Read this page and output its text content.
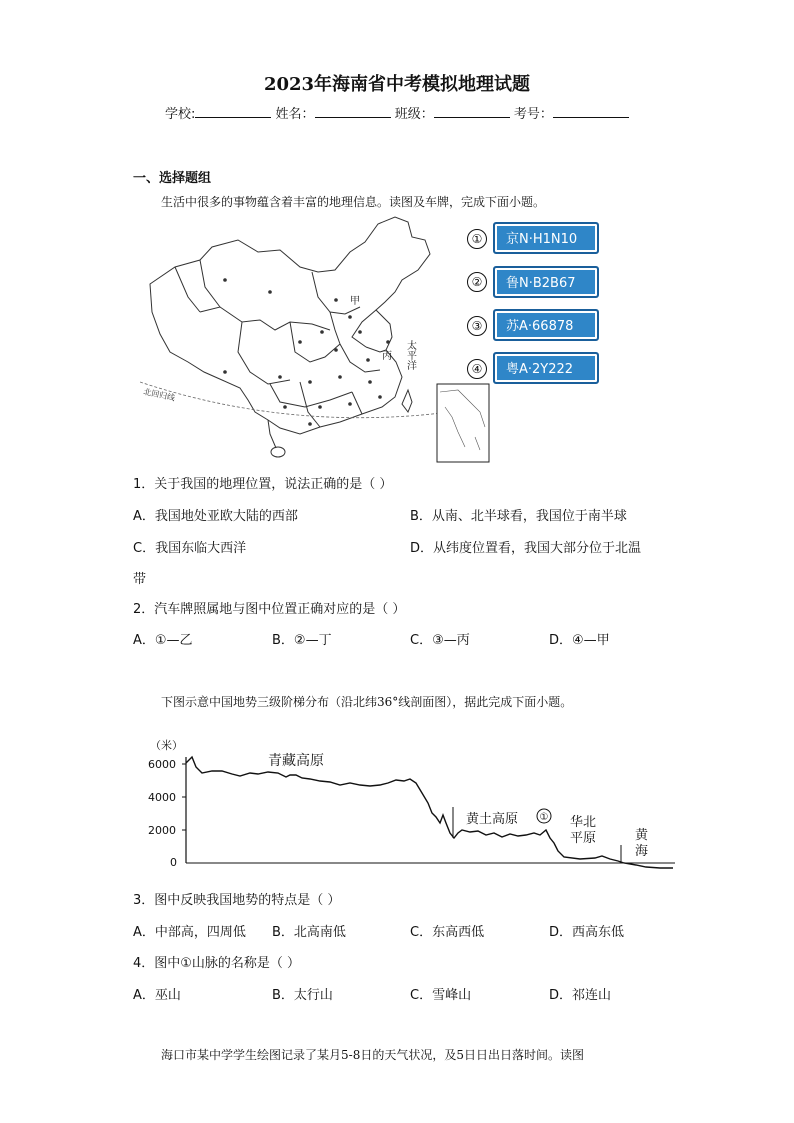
2023年海南省中考模拟地理试题
学校:	姓名：	班级：	考号：
一、选择题组
生活中很多的事物蕴含着丰富的地理信息。读图及车牌，完成下面小题。
北回归线
甲
丙 太平洋
①	京N·H1N10
②	鲁N·B2B67
③	苏A·66878
④	粤A·2Y222
1．关于我国的地理位置，说法正确的是（ ）
A．我国地处亚欧大陆的西部	B．从南、北半球看，我国位于南半球
C．我国东临大西洋	D．从纬度位置看，我国大部分位于北温
带
2．汽车牌照属地与图中位置正确对应的是（ ）
A．①—乙	B．②—丁	C．③—丙	D．④—甲
下图示意中国地势三级阶梯分布（沿北纬36°线剖面图），据此完成下面小题。
（米）
6000
4000
2000
0
青藏高原
黄土高原 ① 华北
平原	黄
海
3．图中反映我国地势的特点是（ ）
A．中部高，四周低 B．北高南低	C．东高西低	D．西高东低
4．图中①山脉的名称是（ ）
A．巫山	B．太行山	C．雪峰山	D．祁连山
海口市某中学学生绘图记录了某月5-8日的天气状况，及5日日出日落时间。读图
